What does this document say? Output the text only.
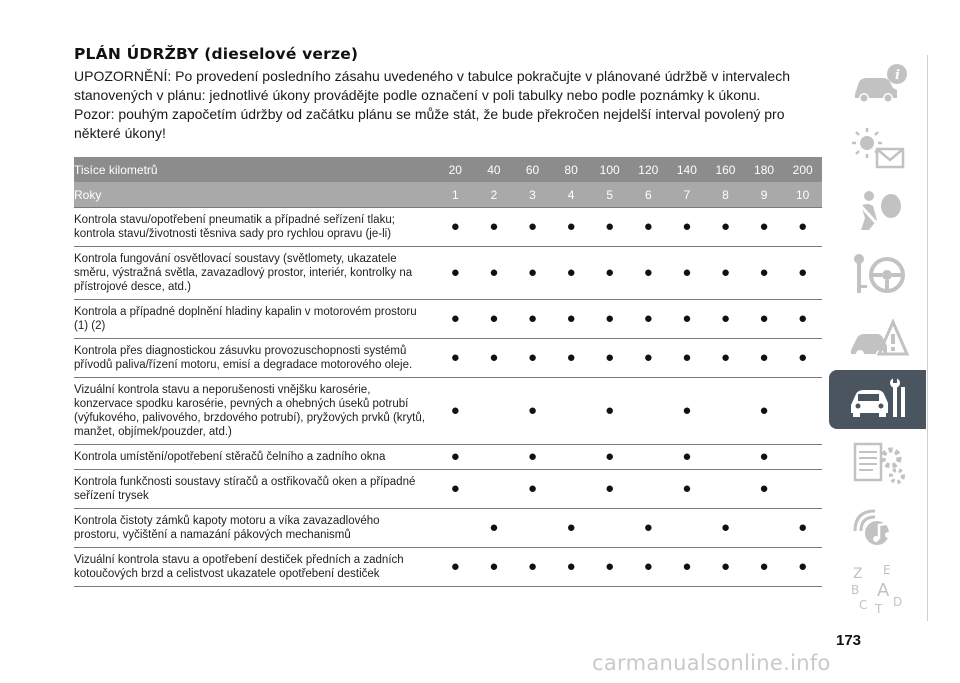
PLÁN ÚDRŽBY (dieselové verze)

UPOZORNĚNÍ: Po provedení posledního zásahu uvedeného v tabulce pokračujte v plánované údržbě v intervalech stanovených v plánu: jednotlivé úkony provádějte podle označení v poli tabulky nebo podle poznámky k úkonu.

Pozor: pouhým započetím údržby od začátku plánu se může stát, že bude překročen nejdelší interval povolený pro některé úkony!

Tisíce kilometrů	20	40	60	80	100	120	140	160	180	200
Roky	1	2	3	4	5	6	7	8	9	10
Kontrola stavu/opotřebení pneumatik a případné seřízení tlaku; kontrola stavu/životnosti těsniva sady pro rychlou opravu (je-li)	●	●	●	●	●	●	●	●	●	●
Kontrola fungování osvětlovací soustavy (světlomety, ukazatele směru, výstražná světla, zavazadlový prostor, interiér, kontrolky na přístrojové desce, atd.)	●	●	●	●	●	●	●	●	●	●
Kontrola a případné doplnění hladiny kapalin v motorovém prostoru (1) (2)	●	●	●	●	●	●	●	●	●	●
Kontrola přes diagnostickou zásuvku provozuschopnosti systémů přívodů paliva/řízení motoru, emisí a degradace motorového oleje.	●	●	●	●	●	●	●	●	●	●
Vizuální kontrola stavu a neporušenosti vnějšku karosérie, konzervace spodku karosérie, pevných a ohebných úseků potrubí (výfukového, palivového, brzdového potrubí), pryžových prvků (krytů, manžet, objímek/pouzder, atd.)	●		●		●		●		●	
Kontrola umístění/opotřebení stěračů čelního a zadního okna	●		●		●		●		●	
Kontrola funkčnosti soustavy stíračů a ostřikovačů oken a případné seřízení trysek	●		●		●		●		●	
Kontrola čistoty zámků kapoty motoru a víka zavazadlového prostoru, vyčištění a namazání pákových mechanismů		●		●		●		●		●
Vizuální kontrola stavu a opotřebení destiček předních a zadních kotoučových brzd a celistvost ukazatele opotřebení destiček	●	●	●	●	●	●	●	●	●	●
i
Z E
B A
C D
T
173
carmanualsonline.info
